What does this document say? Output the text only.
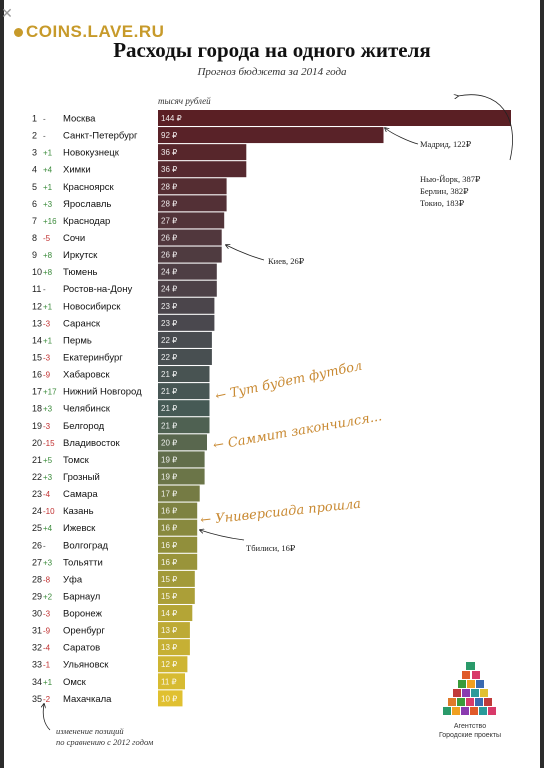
✕
COINS.LAVE.RU
Расходы города на одного жителя
Прогноз бюджета за 2014 года
тысяч рублей
1 - Москва	144 ₽
2 - Санкт-Петербург	92 ₽
3 +1 Новокузнецк	36 ₽
4 +4 Химки	36 ₽
5 +1 Красноярск	28 ₽
6 +3 Ярославль	28 ₽
7 +16 Краснодар	27 ₽
8 -5 Сочи	26 ₽
9 +8 Иркутск	26 ₽
10 +8 Тюмень	24 ₽
11 - Ростов-на-Дону	24 ₽
12 +1 Новосибирск	23 ₽
13 -3 Саранск	23 ₽
14 +1 Пермь	22 ₽
15 -3 Екатеринбург	22 ₽
16 -9 Хабаровск	21 ₽
17 +17 Нижний Новгород 21 ₽
18 +3 Челябинск	21 ₽
19 -3 Белгород	21 ₽
20 -15 Владивосток	20 ₽
21 +5 Томск	19 ₽
22 +3 Грозный	19 ₽
23 -4 Самара	17 ₽
24 -10 Казань	16 ₽
25 +4 Ижевск	16 ₽
26 - Волгоград	16 ₽
27 +3 Тольятти	16 ₽
28 -8 Уфа	15 ₽
29 +2 Барнаул	15 ₽
30 -3 Воронеж	14 ₽
31 -9 Оренбург	13 ₽
32 -4 Саратов	13 ₽
33 -1 Ульяновск	12 ₽
34 +1 Омск	11 ₽
35 -2 Махачкала	10 ₽
Мадрид, 122₽
Нью-Йорк, 387₽
Берлин, 382₽
Токио, 183₽
Киев, 26₽
Тбилиси, 16₽
← Тут будет футбол
← Саммит закончился...
← Универсиада прошла
изменение позиций
по сравнению с 2012 годом
Агентство
Городские проекты
